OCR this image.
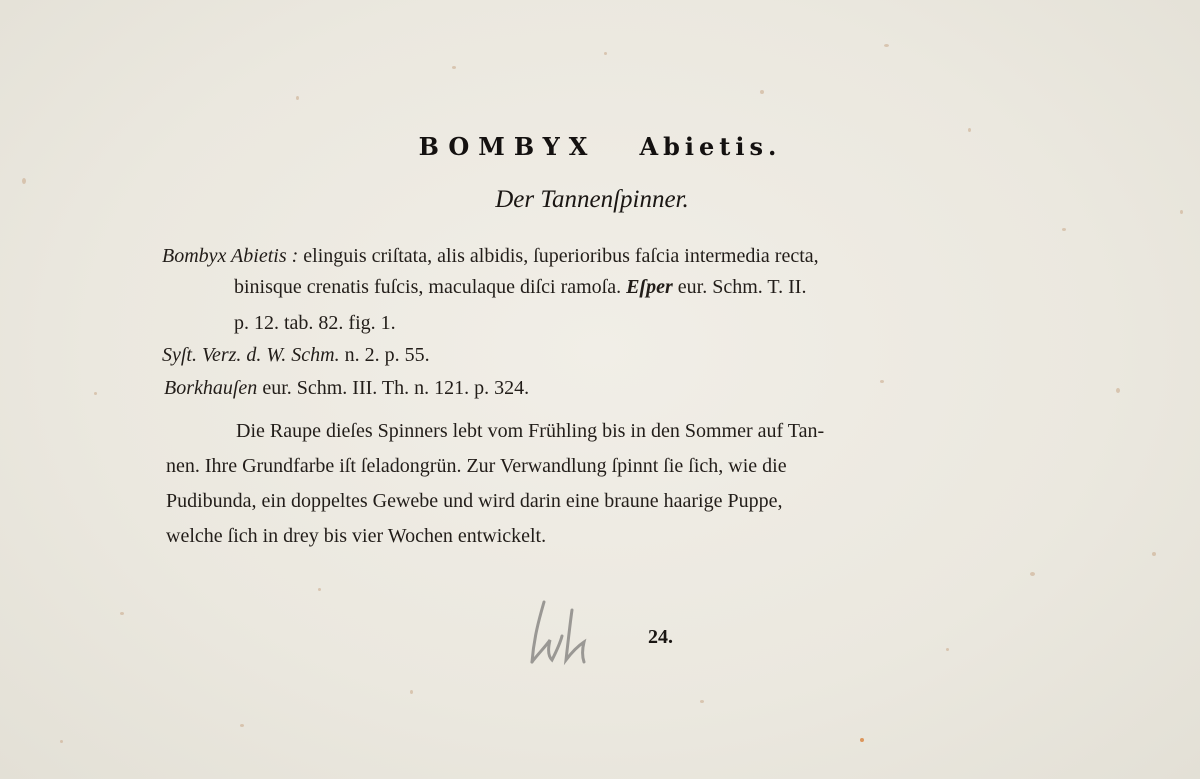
BOMBYX Abietis.
Der Tannenſpinner.
Bombyx Abietis : elinguis criſtata, alis albidis, ſuperioribus faſcia intermedia recta,
binisque crenatis fuſcis, maculaque diſci ramoſa. Eſper eur. Schm. T. II.
p. 12. tab. 82. fig. 1.
Syſt. Verz. d. W. Schm. n. 2. p. 55.
Borkhauſen eur. Schm. III. Th. n. 121. p. 324.
Die Raupe dieſes Spinners lebt vom Frühling bis in den Sommer auf Tan-
nen. Ihre Grundfarbe iſt ſeladongrün. Zur Verwandlung ſpinnt ſie ſich, wie die
Pudibunda, ein doppeltes Gewebe und wird darin eine braune haarige Puppe,
welche ſich in drey bis vier Wochen entwickelt.
24.
